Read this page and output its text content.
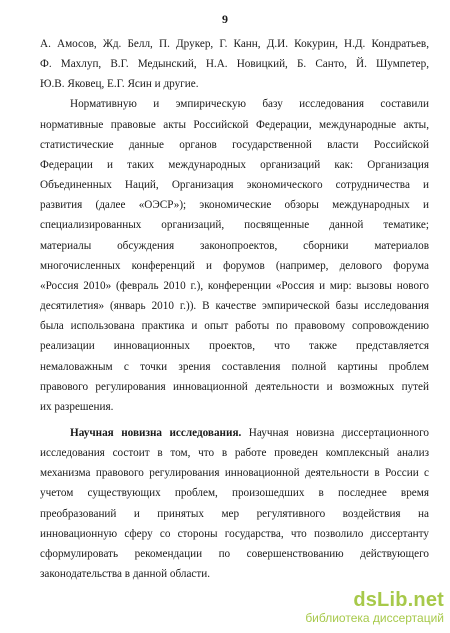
9
А. Амосов, Жд. Белл, П. Друкер, Г. Канн, Д.И. Кокурин, Н.Д. Кондратьев,
Ф. Махлуп, В.Г. Медынский, Н.А. Новицкий, Б. Санто, Й. Шумпетер,
Ю.В. Яковец, Е.Г. Ясин и другие.
Нормативную и эмпирическую базу исследования составили
нормативные правовые акты Российской Федерации, международные акты,
статистические данные органов государственной власти Российской
Федерации и таких международных организаций как: Организация
Объединенных Наций, Организация экономического сотрудничества и
развития (далее «ОЭСР»); экономические обзоры международных и
специализированных организаций, посвященные данной тематике;
материалы обсуждения законопроектов, сборники материалов
многочисленных конференций и форумов (например, делового форума
«Россия 2010» (февраль 2010 г.), конференции «Россия и мир: вызовы нового
десятилетия» (январь 2010 г.)). В качестве эмпирической базы исследования
была использована практика и опыт работы по правовому сопровождению
реализации инновационных проектов, что также представляется
немаловажным с точки зрения составления полной картины проблем
правового регулирования инновационной деятельности и возможных путей
их разрешения.
Научная новизна исследования. Научная новизна диссертационного
исследования состоит в том, что в работе проведен комплексный анализ
механизма правового регулирования инновационной деятельности в России с
учетом существующих проблем, произошедших в последнее время
преобразований и принятых мер регулятивного воздействия на
инновационную сферу со стороны государства, что позволило диссертанту
сформулировать рекомендации по совершенствованию действующего
законодательства в данной области.
dsLib.net
библиотека диссертаций
